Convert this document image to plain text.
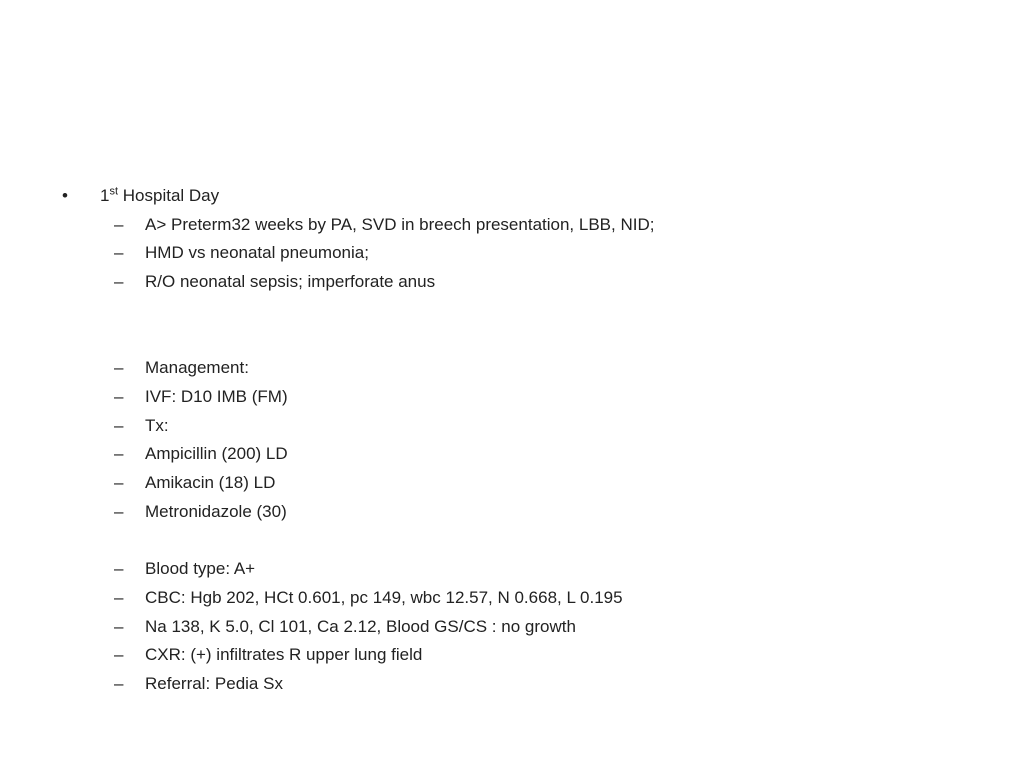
• 1st Hospital Day
– A> Preterm32 weeks by PA, SVD in breech presentation, LBB, NID;
– HMD vs neonatal pneumonia;
– R/O neonatal sepsis; imperforate anus
– Management:
– IVF: D10 IMB (FM)
– Tx:
– Ampicillin (200) LD
– Amikacin (18) LD
– Metronidazole (30)
– Blood type: A+
– CBC: Hgb 202, HCt 0.601, pc 149, wbc 12.57, N 0.668, L 0.195
– Na 138, K 5.0, Cl 101, Ca 2.12, Blood GS/CS : no growth
– CXR: (+) infiltrates R upper lung field
– Referral: Pedia Sx
